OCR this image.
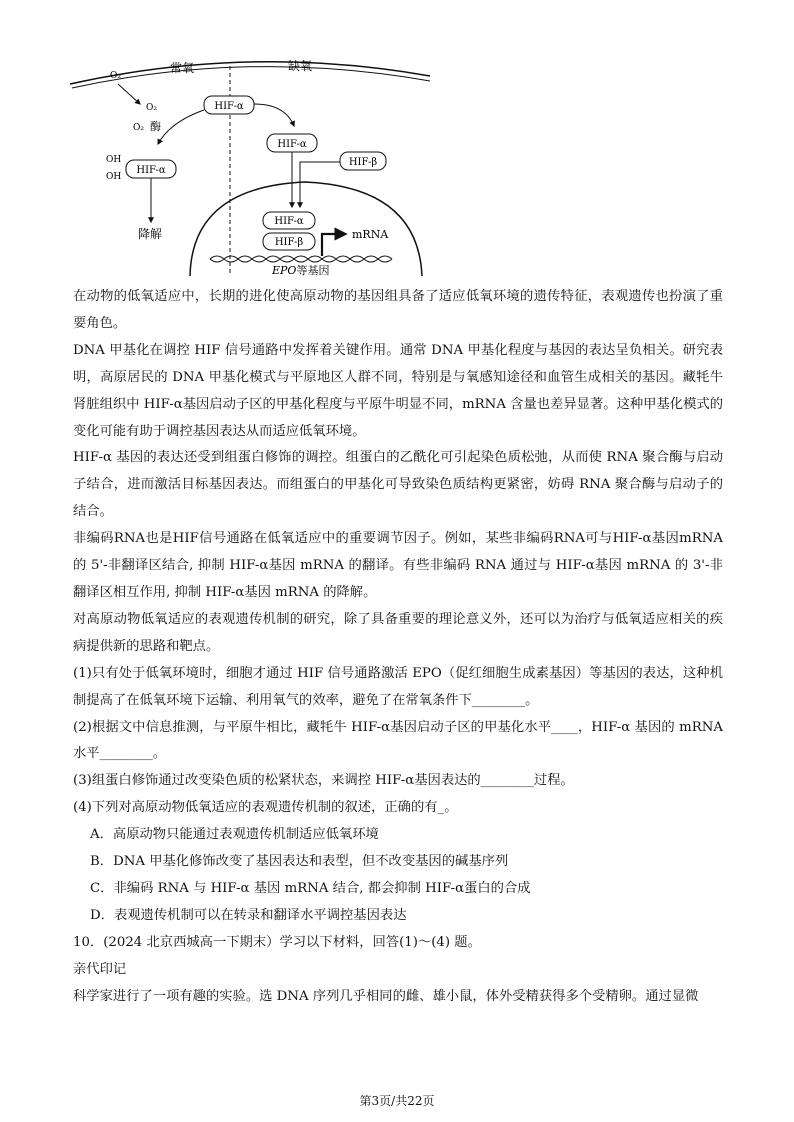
常氧	缺氧
O₂
O₂
O₂ 酶
HIF-α
OH
OH
HIF-α
降解
HIF-α
HIF-β
HIF-α
HIF-β
mRNA
EPO等基因

在动物的低氧适应中，长期的进化使高原动物的基因组具备了适应低氧环境的遗传特征，表观遗传也扮演了重要角色。

DNA 甲基化在调控 HIF 信号通路中发挥着关键作用。通常 DNA 甲基化程度与基因的表达呈负相关。研究表明，高原居民的 DNA 甲基化模式与平原地区人群不同，特别是与氧感知途径和血管生成相关的基因。藏牦牛肾脏组织中 HIF-α基因启动子区的甲基化程度与平原牛明显不同，mRNA 含量也差异显著。这种甲基化模式的变化可能有助于调控基因表达从而适应低氧环境。

HIF-α 基因的表达还受到组蛋白修饰的调控。组蛋白的乙酰化可引起染色质松弛，从而使 RNA 聚合酶与启动子结合，进而激活目标基因表达。而组蛋白的甲基化可导致染色质结构更紧密，妨碍 RNA 聚合酶与启动子的结合。

非编码RNA也是HIF信号通路在低氧适应中的重要调节因子。例如，某些非编码RNA可与HIF-α基因mRNA的 5'-非翻译区结合, 抑制 HIF-α基因 mRNA 的翻译。有些非编码 RNA 通过与 HIF-α基因 mRNA 的 3'-非翻译区相互作用, 抑制 HIF-α基因 mRNA 的降解。

对高原动物低氧适应的表观遗传机制的研究，除了具备重要的理论意义外，还可以为治疗与低氧适应相关的疾病提供新的思路和靶点。

(1)只有处于低氧环境时，细胞才通过 HIF 信号通路激活 EPO（促红细胞生成素基因）等基因的表达，这种机制提高了在低氧环境下运输、利用氧气的效率，避免了在常氧条件下________。

(2)根据文中信息推测，与平原牛相比，藏牦牛 HIF-α基因启动子区的甲基化水平____，HIF-α 基因的 mRNA 水平________。

(3)组蛋白修饰通过改变染色质的松紧状态，来调控 HIF-α基因表达的________过程。

(4)下列对高原动物低氧适应的表观遗传机制的叙述，正确的有_。

A．高原动物只能通过表观遗传机制适应低氧环境

B．DNA 甲基化修饰改变了基因表达和表型，但不改变基因的碱基序列

C．非编码 RNA 与 HIF-α 基因 mRNA 结合, 都会抑制 HIF-α蛋白的合成

D．表观遗传机制可以在转录和翻译水平调控基因表达

10．(2024 北京西城高一下期末）学习以下材料，回答(1)～(4) 题。

亲代印记

科学家进行了一项有趣的实验。选 DNA 序列几乎相同的雌、雄小鼠，体外受精获得多个受精卵。通过显微

第3页/共22页
